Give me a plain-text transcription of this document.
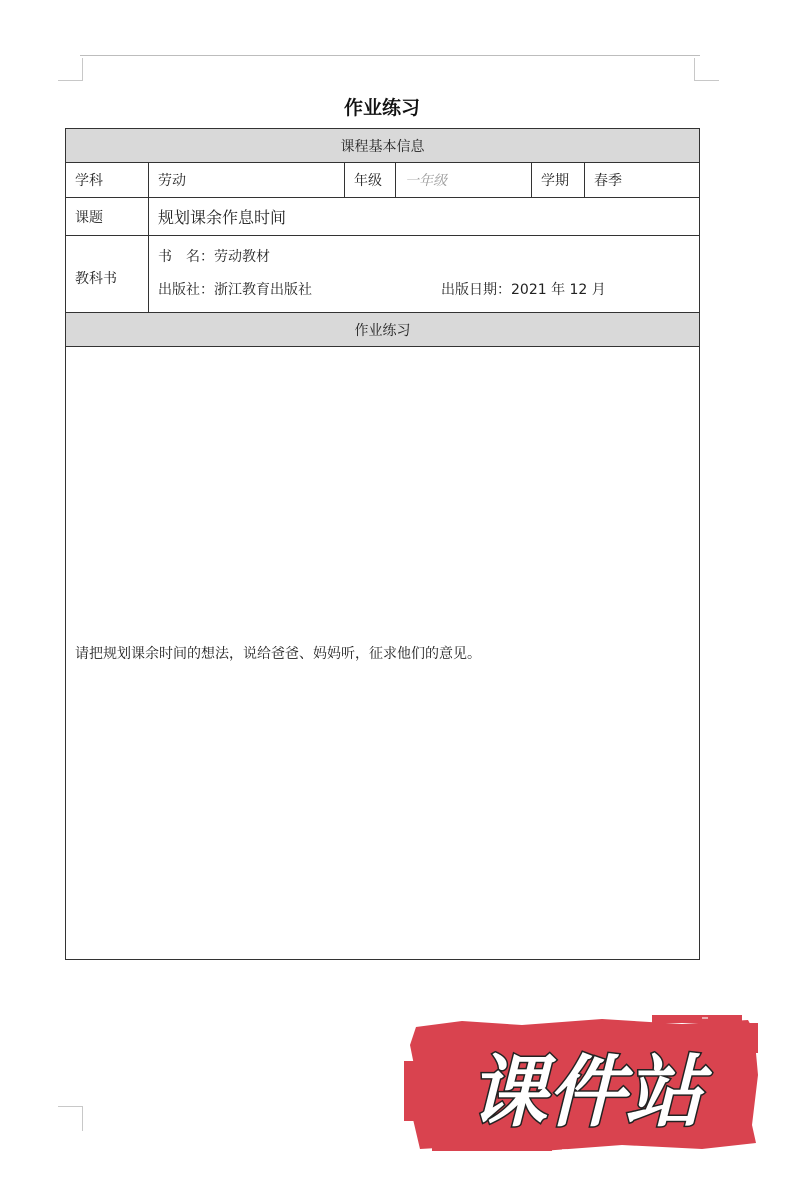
作业练习
课程基本信息					
学科	劳动	年级	一年级	学期	春季
课题	规划课余作息时间				
教科书	书　名：劳动教材
出版社：浙江教育出版社 出版日期：2021 年 12 月				

作业练习					
请把规划课余时间的想法，说给爸爸、妈妈听，征求他们的意见。					
课件站
